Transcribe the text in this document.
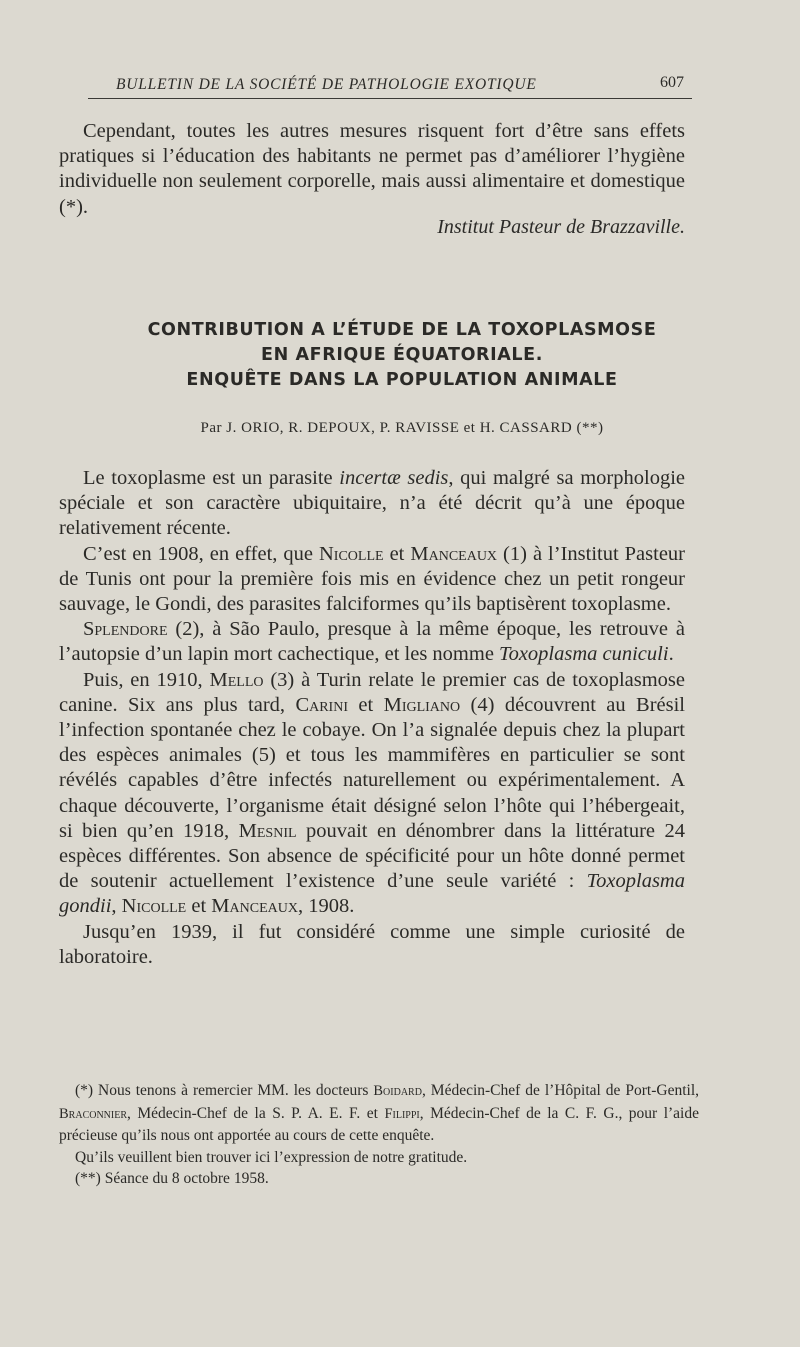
BULLETIN DE LA SOCIÉTÉ DE PATHOLOGIE EXOTIQUE	607

Cependant, toutes les autres mesures risquent fort d’être sans effets pratiques si l’éducation des habitants ne permet pas d’améliorer l’hygiène individuelle non seulement corporelle, mais aussi alimentaire et domestique (*).

Institut Pasteur de Brazzaville.
CONTRIBUTION A L’ÉTUDE DE LA TOXOPLASMOSE
EN AFRIQUE ÉQUATORIALE.
ENQUÊTE DANS LA POPULATION ANIMALE
Par J. ORIO, R. DEPOUX, P. RAVISSE et H. CASSARD (**)

Le toxoplasme est un parasite incertæ sedis, qui malgré sa morphologie spéciale et son caractère ubiquitaire, n’a été décrit qu’à une époque relativement récente.

C’est en 1908, en effet, que Nicolle et Manceaux (1) à l’Institut Pasteur de Tunis ont pour la première fois mis en évidence chez un petit rongeur sauvage, le Gondi, des parasites falciformes qu’ils baptisèrent toxoplasme.

Splendore (2), à São Paulo, presque à la même époque, les retrouve à l’autopsie d’un lapin mort cachectique, et les nomme Toxoplasma cuniculi.

Puis, en 1910, Mello (3) à Turin relate le premier cas de toxoplasmose canine. Six ans plus tard, Carini et Migliano (4) découvrent au Brésil l’infection spontanée chez le cobaye. On l’a signalée depuis chez la plupart des espèces animales (5) et tous les mammifères en particulier se sont révélés capables d’être infectés naturellement ou expérimentalement. A chaque découverte, l’organisme était désigné selon l’hôte qui l’hébergeait, si bien qu’en 1918, Mesnil pouvait en dénombrer dans la littérature 24 espèces différentes. Son absence de spécificité pour un hôte donné permet de soutenir actuellement l’existence d’une seule variété : Toxoplasma gondii, Nicolle et Manceaux, 1908.

Jusqu’en 1939, il fut considéré comme une simple curiosité de laboratoire.

(*) Nous tenons à remercier MM. les docteurs Boidard, Médecin-Chef de l’Hôpital de Port-Gentil, Braconnier, Médecin-Chef de la S. P. A. E. F. et Filippi, Médecin-Chef de la C. F. G., pour l’aide précieuse qu’ils nous ont apportée au cours de cette enquête.

Qu’ils veuillent bien trouver ici l’expression de notre gratitude.

(**) Séance du 8 octobre 1958.
